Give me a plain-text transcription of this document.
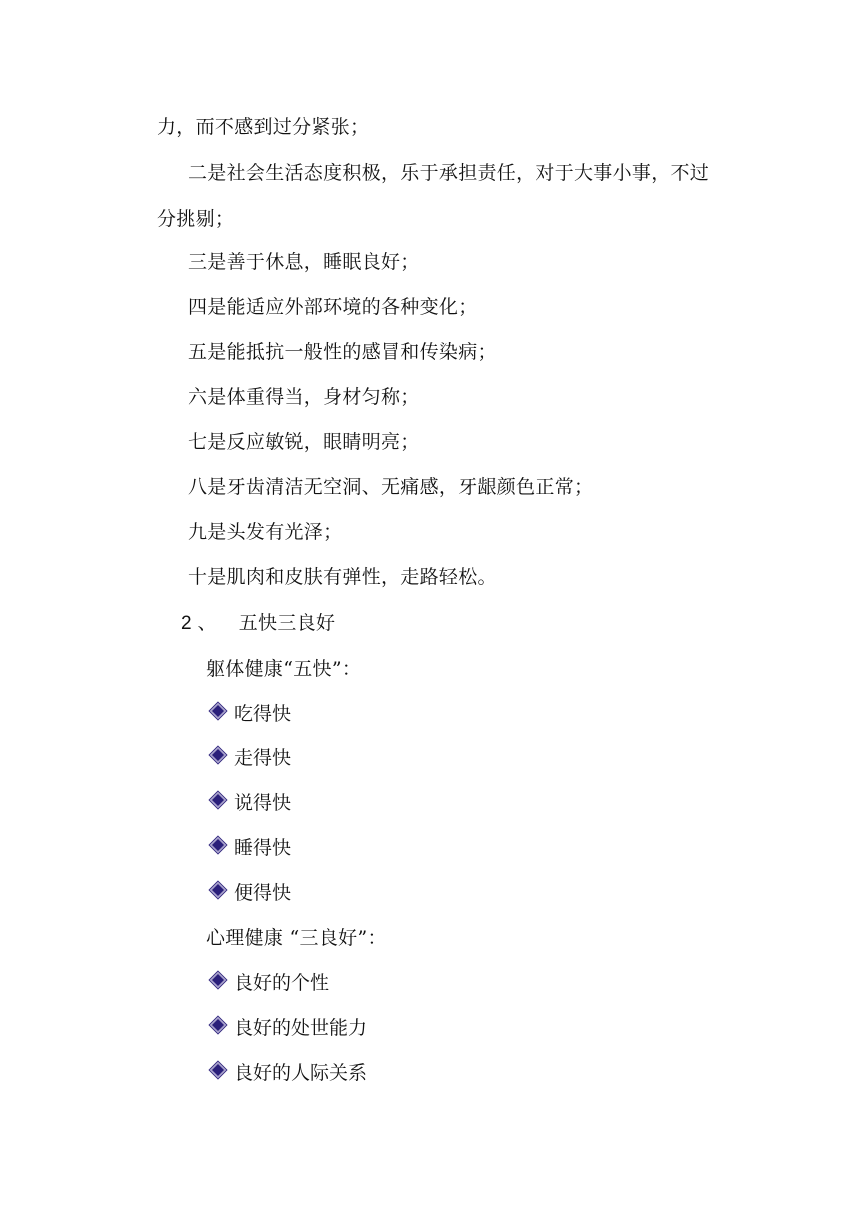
力，而不感到过分紧张；
二是社会生活态度积极，乐于承担责任，对于大事小事，不过
分挑剔；
三是善于休息，睡眠良好；
四是能适应外部环境的各种变化；
五是能抵抗一般性的感冒和传染病；
六是体重得当，身材匀称；
七是反应敏锐，眼睛明亮；
八是牙齿清洁无空洞、无痛感，牙龈颜色正常；
九是头发有光泽；
十是肌肉和皮肤有弹性，走路轻松。
2 、 五快三良好
躯体健康“五快”：
吃得快
走得快
说得快
睡得快
便得快
心理健康 “三良好”：
良好的个性
良好的处世能力
良好的人际关系
